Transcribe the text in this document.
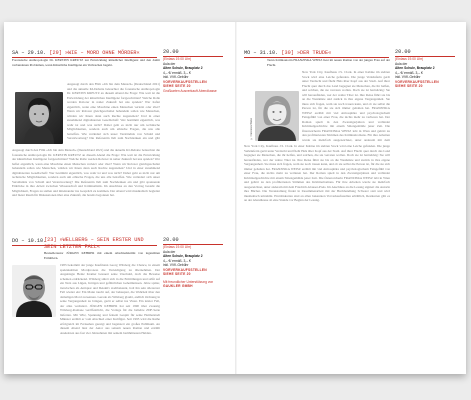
SA – 29.10. [29] »WIE – MORD OHNE MÖRDER«	20.00
(Einlass 19.00 Uhr)
Aula der
Alten Schule, Brauplatz 2
4,– €/ ermäß. 3,– €
inkl. VVK-Gebühr
VORVERKAUFSSTELLEN
SIEHE SEITE 20
Großkarten Ausverkauft Abendkasse

Forensische Anthropologin Dr. KERSTIN KREUTZ zur Entwicklung künstlicher Intelligenz und den damit verbundenen Problemen, wenn Künstliche Intelligenz ein Verbrechen begeht.

Angesagt durch den Film »Ich bin dein Mensch« (Deutschland 2021) und die aktuelle KI-Debatte beleuchtet die forensische Anthropologin Dr. KERSTIN KREUTZ an diesem Abend die Frage: Wie weit ist die Entwicklung der künstlichen Intelligenz fortgeschritten? Welche Rolle werden Roboter in naher Zukunft bei uns spielen? Wer haftet eigentlich, wenn eine Maschine einen Menschen verletzt oder tötet? Wenn wir Roboter gleichgeschaltet behandeln sollen wie Menschen, würden wir ihnen dann auch Rechte zugestehen? Und in einer zunehmend digitalisierten Gesellschaft: Wer bestimmt eigentlich, was wahr ist und was nicht? Dabei geht es nicht nur um technische Möglichkeiten, sondern auch um ethische Fragen, die uns alle betreffen. Wie verändert sich unser Verständnis von Schuld und Verantwortung? Die Referentin lädt zum Nachdenken ein und gibt

Angesagt durch den Film »Ich bin dein Mensch« (Deutschland 2021) und die aktuelle KI-Debatte beleuchtet die forensische Anthropologin Dr. KERSTIN KREUTZ an diesem Abend die Frage: Wie weit ist die Entwicklung der künstlichen Intelligenz fortgeschritten? Welche Rolle werden Roboter in naher Zukunft bei uns spielen? Wer haftet eigentlich, wenn eine Maschine einen Menschen verletzt oder tötet? Wenn wir Roboter gleichgeschaltet behandeln sollen wie Menschen, würden wir ihnen dann auch Rechte zugestehen? Und in einer zunehmend digitalisierten Gesellschaft: Wer bestimmt eigentlich, was wahr ist und was nicht? Dabei geht es nicht nur um technische Möglichkeiten, sondern auch um ethische Fragen, die uns alle betreffen. Wie verändert sich unser Verständnis von Schuld und Verantwortung? Die Referentin lädt zum Nachdenken ein und gibt spannende Einblicke in ihre Arbeit zwischen Wissenschaft und Kriminalistik. Im Anschluss an den Vortrag besteht die Möglichkeit, Fragen zu stellen und miteinander ins Gespräch zu kommen. Der Abend wird musikalisch begleitet und bietet Raum für Diskussionen über eine Zukunft, die bereits begonnen hat.

DO – 10.10.
[23] »WELLBERG – SEIN ERSTER UND SEIN LETZTER FALL«
20.00
(Einlass 19.00 Uhr)
Aula der
Alten Schule, Brauplatz 2
4,– €/ ermäß. 3,– €
inkl. VVK-Gebühr
VORVERKAUFSSTELLEN
SIEHE SEITE 20
Mit freundlicher Unterstützung von
GAUKLER GMBH

Bestsellerautor JÜRGEN KEHRER mit einem Abschiedskrimi von legendären Ermittlern.

1983 bekommt der junge Kaufmann Georg Wilsberg die Chance, in einem spektakulären Mordprozess die Verteidigung zu übernehmen. Der Angeklagte Heinz Kramer beteuert seine Unschuld, doch die Beweise scheinen erdrückend. Wilsberg stürzt sich in die Ermittlungen und stößt auf ein Netz aus Lügen, Intrigen und gefährlichen Geheimnissen. Jahre später, inzwischen als Antiquar und Detektiv stadtbekannt, holt ihn sein allererster Fall wieder ein: Ein Mann taucht auf, der behauptet, die Wahrheit über den damaligen Mord zu kennen. Gerade als Wilsberg glaubt, endlich Ordnung in seine Vergangenheit zu bringen, gerät er selbst ins Visier. Ein letzter Fall, der alles verändert. JÜRGEN KEHRER hat seit 1990 über zwanzig Wilsberg-Romane veröffentlicht, die Vorlage für die beliebte ZDF-Serie lieferten. Mit Witz, Spannung und feinem Gespür für seine Heimatstadt Münster erzählt er vom Abschied einer Kultfigur. Seit 1995 wird die Reihe erfolgreich im Fernsehen gezeigt und begeistert ein großes Publikum. An diesem Abend liest der Autor aus seinem neuen Roman und erzählt Anekdoten aus fast vier Jahrzehnten mit seinem berühmtesten Helden.

MO – 31.10. [30] »DER TRUDE«	20.00
(Einlass 19.00 Uhr)
Aula der
Alten Schule, Brauplatz 2
4,– €/ ermäß. 3,– €
inkl. VVK-Gebühr
VORVERKAUFSSTELLEN
SIEHE SEITE 20

Tarun Krimiautorin FRANZISKA WEISZ liest im neuen Roman von der jungen Frau auf der Flucht.

© Francesca Weisz

New York City, Kaufhaus J.S. Clark. In einer Kabine im siebten Stock wird eine Leiche gefunden. Die junge Verkäuferin gerät unter Verdacht und flieht Hals über Kopf aus der Stadt. Auf ihrer Flucht quer durch das Land begegnet sie Menschen, die ihr helfen, und solchen, die sie verraten wollen. Doch sie ist hartnäckig: Sie will herausfinden, wer der wahre Täter ist. Ihre Reise führt sie bis an die Westküste und zurück in ihre eigene Vergangenheit. Sie muss sich fragen, wem sie noch trauen kann, und ob sie selbst die Person ist, für die sie sich immer gehalten hat. FRANZISKA WEISZ erzählt mit viel Atmosphäre und psychologischem Feingefühl von einer Frau, die nichts mehr zu verlieren hat. Der Roman spielt in den Zwanzigerjahren und verbindet Kriminalgeschichte mit einem Sittengemälde jener Zeit. Die Österreicherin FRANZISKA WEISZ lebt in Wien und gehört zu den profiliertesten Stimmen des Kriminalromans. Für ihre Arbeiten wurde sie mehrfach ausgezeichnet, unter anderem mit dem

New York City, Kaufhaus J.S. Clark. In einer Kabine im siebten Stock wird eine Leiche gefunden. Die junge Verkäuferin gerät unter Verdacht und flieht Hals über Kopf aus der Stadt. Auf ihrer Flucht quer durch das Land begegnet sie Menschen, die ihr helfen, und solchen, die sie verraten wollen. Doch sie ist hartnäckig: Sie will herausfinden, wer der wahre Täter ist. Ihre Reise führt sie bis an die Westküste und zurück in ihre eigene Vergangenheit. Sie muss sich fragen, wem sie noch trauen kann, und ob sie selbst die Person ist, für die sie sich immer gehalten hat. FRANZISKA WEISZ erzählt mit viel Atmosphäre und psychologischem Feingefühl von einer Frau, die nichts mehr zu verlieren hat. Der Roman spielt in den Zwanzigerjahren und verbindet Kriminalgeschichte mit einem Sittengemälde jener Zeit. Die Österreicherin FRANZISKA WEISZ lebt in Wien und gehört zu den profiliertesten Stimmen des Kriminalromans. Für ihre Arbeiten wurde sie mehrfach ausgezeichnet, unter anderem mit dem Friedrich-Glauser-Preis. Im Anschluss an die Lesung signiert die Autorin ihre Bücher. Die Veranstaltung findet in Zusammenarbeit mit der Buchhandlung Schwarz statt und wird musikalisch umrahmt. Eintrittskarten sind an allen bekannten Vorverkaufsstellen erhältlich, Restkarten gibt es an der Abendkasse ab eine Stunde vor Beginn der Lesung.
